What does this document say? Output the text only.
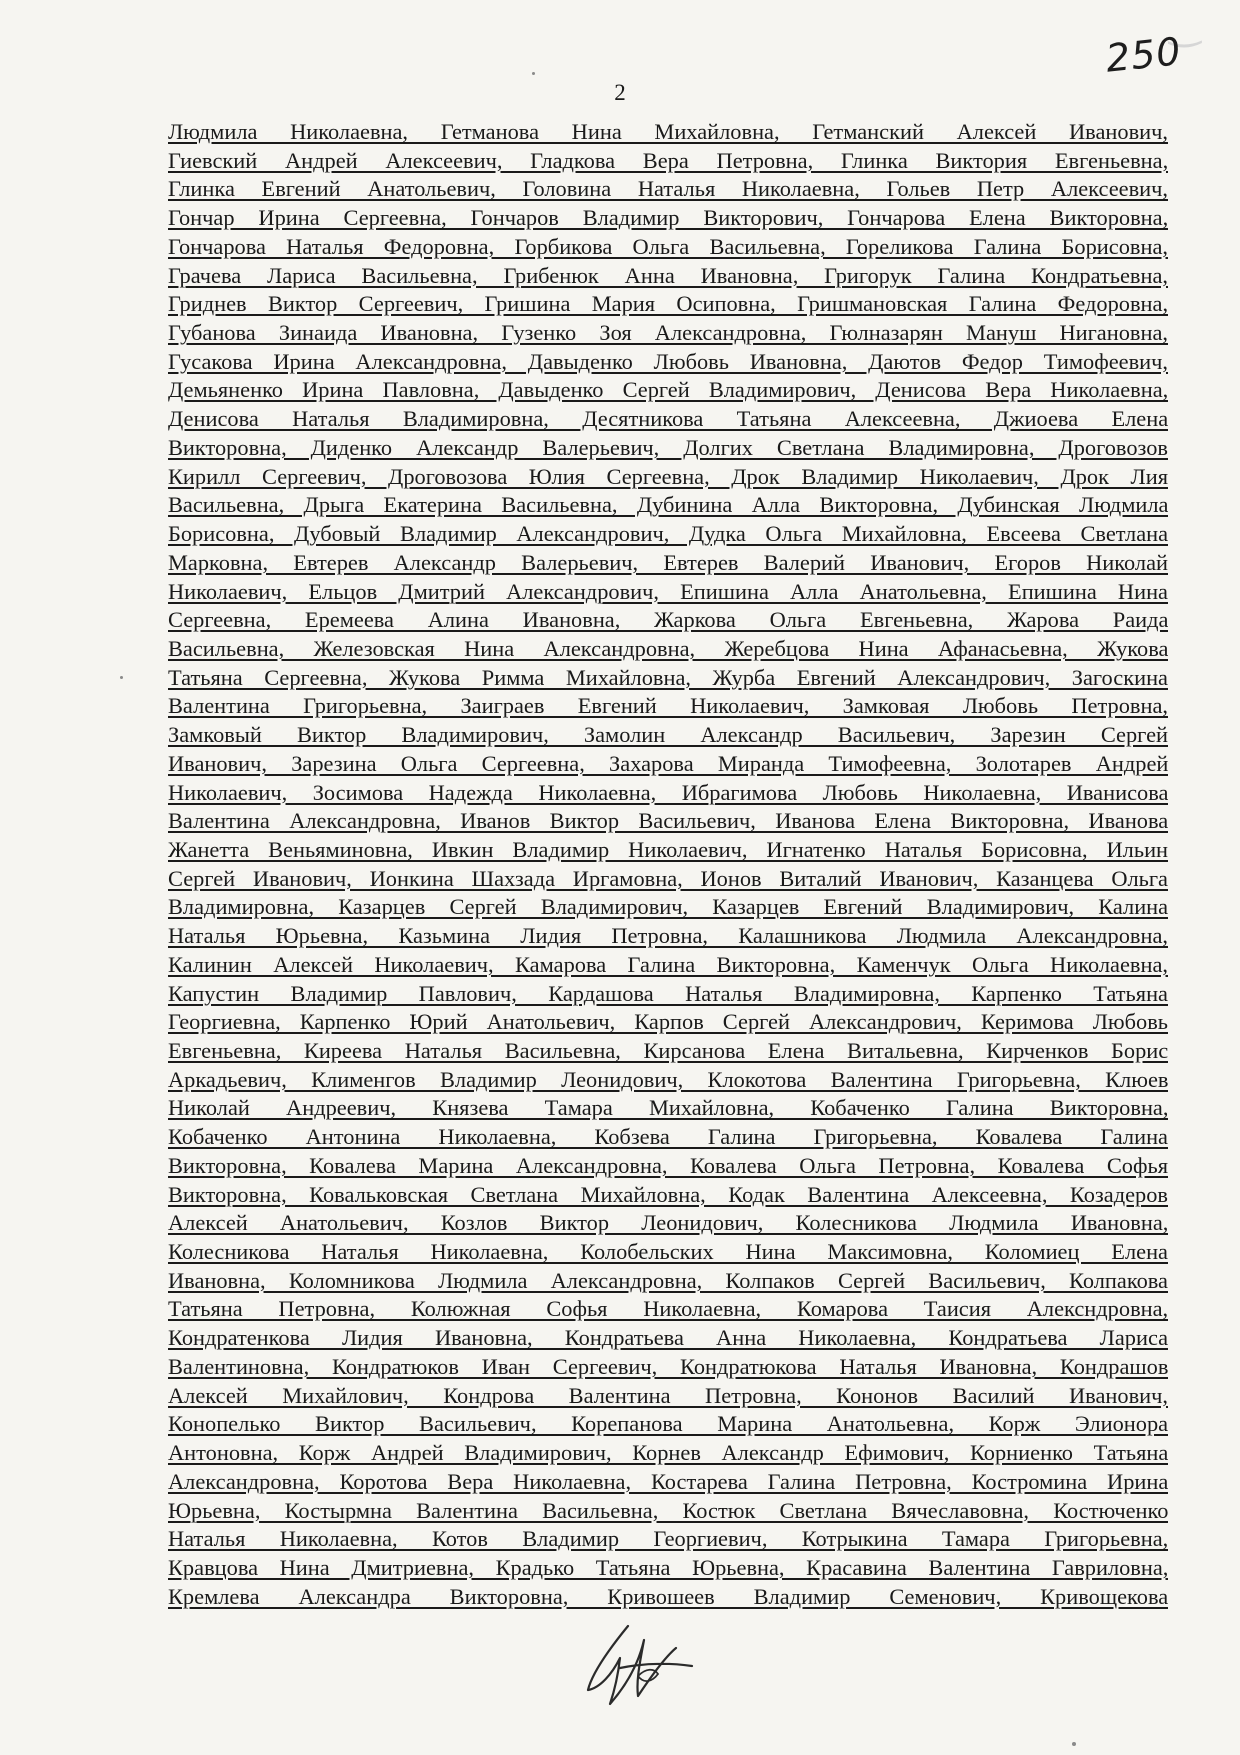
‿
250
2
Людмила Николаевна, Гетманова Нина Михайловна, Гетманский Алексей Иванович,
Гиевский Андрей Алексеевич, Гладкова Вера Петровна, Глинка Виктория Евгеньевна,
Глинка Евгений Анатольевич, Головина Наталья Николаевна, Гольев Петр Алексеевич,
Гончар Ирина Сергеевна, Гончаров Владимир Викторович, Гончарова Елена Викторовна,
Гончарова Наталья Федоровна, Горбикова Ольга Васильевна, Гореликова Галина Борисовна,
Грачева Лариса Васильевна, Грибенюк Анна Ивановна, Григорук Галина Кондратьевна,
Гриднев Виктор Сергеевич, Гришина Мария Осиповна, Гришмановская Галина Федоровна,
Губанова Зинаида Ивановна, Гузенко Зоя Александровна, Гюлназарян Мануш Нигановна,
Гусакова Ирина Александровна, Давыденко Любовь Ивановна, Даютов Федор Тимофеевич,
Демьяненко Ирина Павловна, Давыденко Сергей Владимирович, Денисова Вера Николаевна,
Денисова Наталья Владимировна, Десятникова Татьяна Алексеевна, Джиоева Елена
Викторовна, Диденко Александр Валерьевич, Долгих Светлана Владимировна, Дроговозов
Кирилл Сергеевич, Дроговозова Юлия Сергеевна, Дрок Владимир Николаевич, Дрок Лия
Васильевна, Дрыга Екатерина Васильевна, Дубинина Алла Викторовна, Дубинская Людмила
Борисовна, Дубовый Владимир Александрович, Дудка Ольга Михайловна, Евсеева Светлана
Марковна, Евтерев Александр Валерьевич, Евтерев Валерий Иванович, Егоров Николай
Николаевич, Ельцов Дмитрий Александрович, Епишина Алла Анатольевна, Епишина Нина
Сергеевна, Еремеева Алина Ивановна, Жаркова Ольга Евгеньевна, Жарова Раида
Васильевна, Железовская Нина Александровна, Жеребцова Нина Афанасьевна, Жукова
Татьяна Сергеевна, Жукова Римма Михайловна, Журба Евгений Александрович, Загоскина
Валентина Григорьевна, Заиграев Евгений Николаевич, Замковая Любовь Петровна,
Замковый Виктор Владимирович, Замолин Александр Васильевич, Зарезин Сергей
Иванович, Зарезина Ольга Сергеевна, Захарова Миранда Тимофеевна, Золотарев Андрей
Николаевич, Зосимова Надежда Николаевна, Ибрагимова Любовь Николаевна, Иванисова
Валентина Александровна, Иванов Виктор Васильевич, Иванова Елена Викторовна, Иванова
Жанетта Веньяминовна, Ивкин Владимир Николаевич, Игнатенко Наталья Борисовна, Ильин
Сергей Иванович, Ионкина Шахзада Иргамовна, Ионов Виталий Иванович, Казанцева Ольга
Владимировна, Казарцев Сергей Владимирович, Казарцев Евгений Владимирович, Калина
Наталья Юрьевна, Казьмина Лидия Петровна, Калашникова Людмила Александровна,
Калинин Алексей Николаевич, Камарова Галина Викторовна, Каменчук Ольга Николаевна,
Капустин Владимир Павлович, Кардашова Наталья Владимировна, Карпенко Татьяна
Георгиевна, Карпенко Юрий Анатольевич, Карпов Сергей Александрович, Керимова Любовь
Евгеньевна, Киреева Наталья Васильевна, Кирсанова Елена Витальевна, Кирченков Борис
Аркадьевич, Клименгов Владимир Леонидович, Клокотова Валентина Григорьевна, Клюев
Николай Андреевич, Князева Тамара Михайловна, Кобаченко Галина Викторовна,
Кобаченко Антонина Николаевна, Кобзева Галина Григорьевна, Ковалева Галина
Викторовна, Ковалева Марина Александровна, Ковалева Ольга Петровна, Ковалева Софья
Викторовна, Ковальковская Светлана Михайловна, Кодак Валентина Алексеевна, Козадеров
Алексей Анатольевич, Козлов Виктор Леонидович, Колесникова Людмила Ивановна,
Колесникова Наталья Николаевна, Колобельских Нина Максимовна, Коломиец Елена
Ивановна, Коломникова Людмила Александровна, Колпаков Сергей Васильевич, Колпакова
Татьяна Петровна, Колюжная Софья Николаевна, Комарова Таисия Алексндровна,
Кондратенкова Лидия Ивановна, Кондратьева Анна Николаевна, Кондратьева Лариса
Валентиновна, Кондратюков Иван Сергеевич, Кондратюкова Наталья Ивановна, Кондрашов
Алексей Михайлович, Кондрова Валентина Петровна, Кононов Василий Иванович,
Конопелько Виктор Васильевич, Корепанова Марина Анатольевна, Корж Элионора
Антоновна, Корж Андрей Владимирович, Корнев Александр Ефимович, Корниенко Татьяна
Александровна, Коротова Вера Николаевна, Костарева Галина Петровна, Костромина Ирина
Юрьевна, Костырмна Валентина Васильевна, Костюк Светлана Вячеславовна, Костюченко
Наталья Николаевна, Котов Владимир Георгиевич, Котрыкина Тамара Григорьевна,
Кравцова Нина Дмитриевна, Крадько Татьяна Юрьевна, Красавина Валентина Гавриловна,
Кремлева Александра Викторовна, Кривошеев Владимир Семенович, Кривощекова
